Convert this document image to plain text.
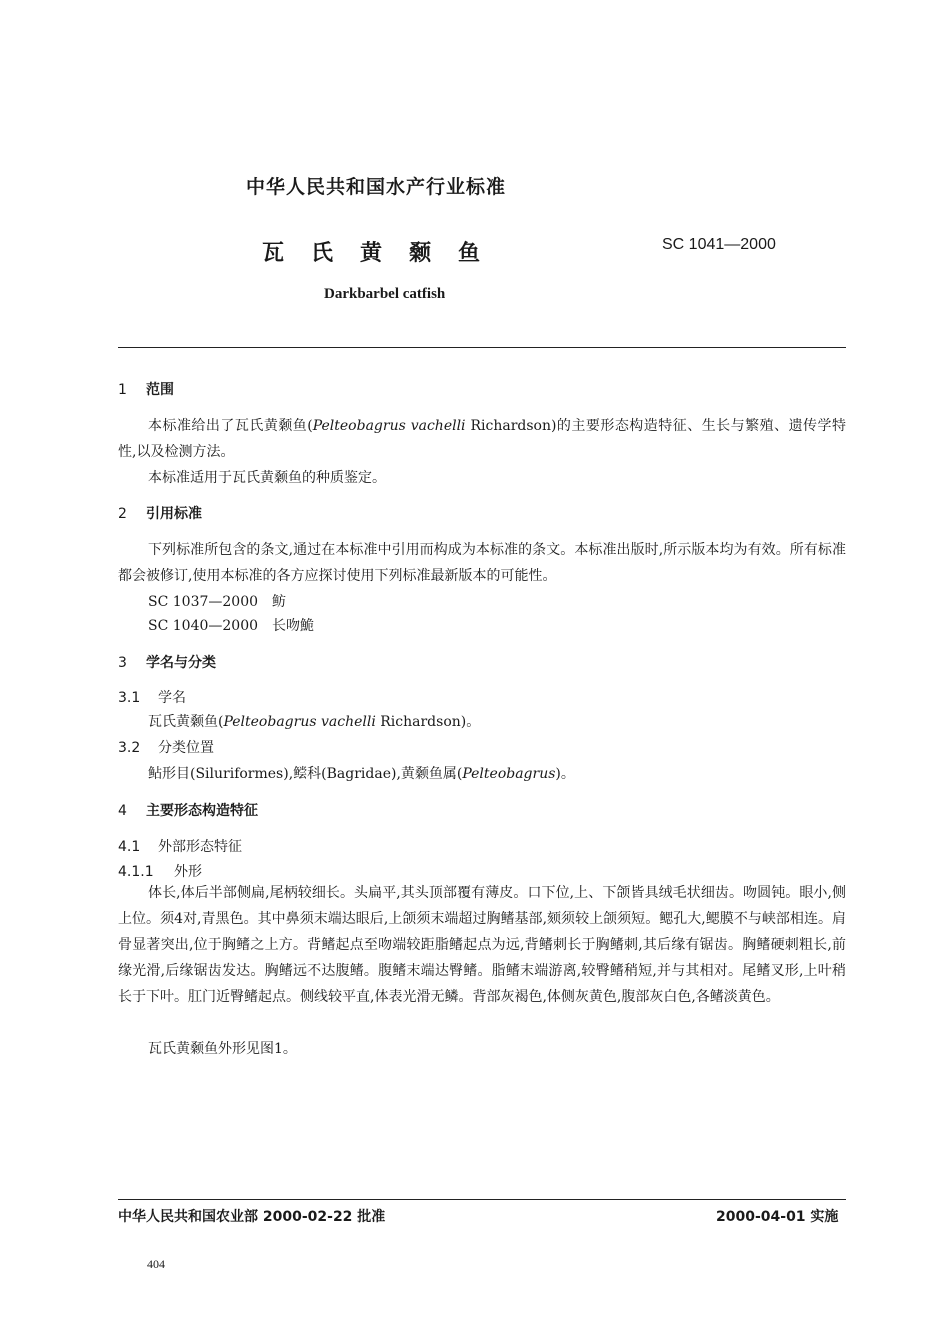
中华人民共和国水产行业标准
瓦氏黄颡鱼	SC 1041—2000
Darkbarbel catfish
1 范围
本标准给出了瓦氏黄颡鱼(Pelteobagrus vachelli Richardson)的主要形态构造特征、生长与繁殖、遗传学特性,以及检测方法。
本标准适用于瓦氏黄颡鱼的种质鉴定。
2 引用标准
下列标准所包含的条文,通过在本标准中引用而构成为本标准的条文。本标准出版时,所示版本均为有效。所有标准都会被修订,使用本标准的各方应探讨使用下列标准最新版本的可能性。
SC 1037—2000　鲂
SC 1040—2000　长吻鮠
3 学名与分类
3.1 学名
瓦氏黄颡鱼(Pelteobagrus vachelli Richardson)。
3.2 分类位置
鲇形目(Siluriformes),鲿科(Bagridae),黄颡鱼属(Pelteobagrus)。
4 主要形态构造特征
4.1 外部形态特征
4.1.1 外形
体长,体后半部侧扁,尾柄较细长。头扁平,其头顶部覆有薄皮。口下位,上、下颌皆具绒毛状细齿。吻圆钝。眼小,侧上位。须4对,青黑色。其中鼻须末端达眼后,上颌须末端超过胸鳍基部,颏须较上颌须短。鳃孔大,鳃膜不与峡部相连。肩骨显著突出,位于胸鳍之上方。背鳍起点至吻端较距脂鳍起点为远,背鳍刺长于胸鳍刺,其后缘有锯齿。胸鳍硬刺粗长,前缘光滑,后缘锯齿发达。胸鳍远不达腹鳍。腹鳍末端达臀鳍。脂鳍末端游离,较臀鳍稍短,并与其相对。尾鳍叉形,上叶稍长于下叶。肛门近臀鳍起点。侧线较平直,体表光滑无鳞。背部灰褐色,体侧灰黄色,腹部灰白色,各鳍淡黄色。
瓦氏黄颡鱼外形见图1。
中华人民共和国农业部 2000-02-22 批准	2000-04-01 实施
404
